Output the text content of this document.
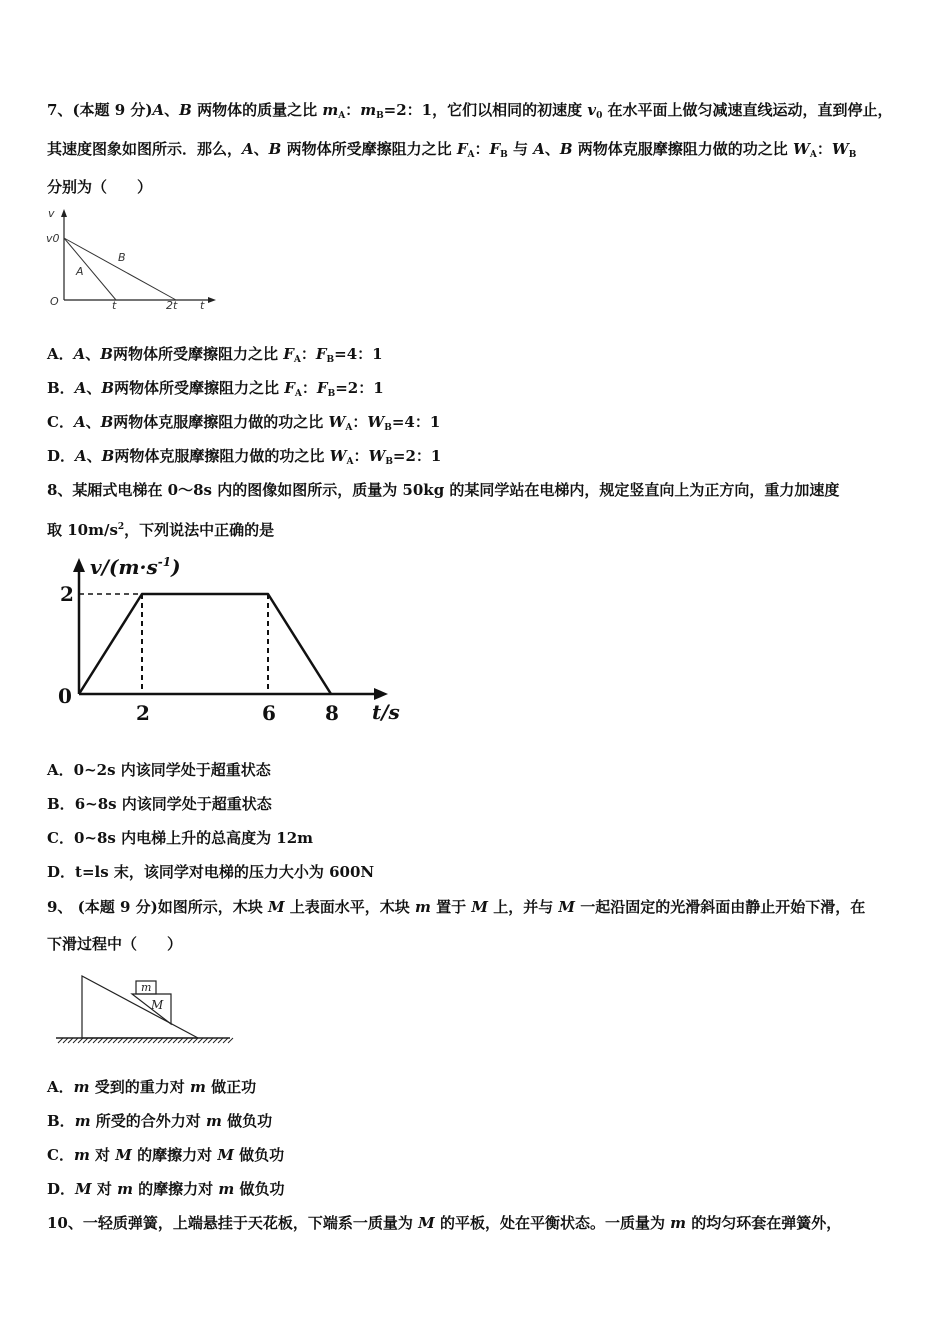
7、(本题 9 分)A、B 两物体的质量之比 $m_A$：$m_B=2$：1，它们以相同的初速度 $v_0$ 在水平面上做匀减速直线运动，直到停止，
其速度图象如图所示．那么，A、B 两物体所受摩擦阻力之比 $F_A$：$F_B$ 与 A、B 两物体克服摩擦阻力做的功之比 $W_A$：$W_B$
分别为（　　）
v
v0
O
A
B
t	2t t
A．A、B两物体所受摩擦阻力之比 $F_A$：$F_B=4$：1
B．A、B两物体所受摩擦阻力之比 $F_A$：$F_B=2$：1
C．A、B两物体克服摩擦阻力做的功之比 $W_A$：$W_B=4$：1
D．A、B两物体克服摩擦阻力做的功之比 $W_A$：$W_B=2$：1
8、某厢式电梯在 0～8s 内的图像如图所示，质量为 50kg 的某同学站在电梯内，规定竖直向上为正方向，重力加速度
取 $10m/s^2$，下列说法中正确的是
$v/(m\cdot s^{-1})$
2
0
2	6 8 t/s
A．0~2s 内该同学处于超重状态
B．6~8s 内该同学处于超重状态
C．0~8s 内电梯上升的总高度为 12m
D．t=ls 末，该同学对电梯的压力大小为 600N
9、 (本题 9 分)如图所示，木块 M 上表面水平，木块 m 置于 M 上，并与 M 一起沿固定的光滑斜面由静止开始下滑，在
下滑过程中（　　）
m
M
A．m 受到的重力对 m 做正功
B．m 所受的合外力对 m 做负功
C．m 对 M 的摩擦力对 M 做负功
D．M 对 m 的摩擦力对 m 做负功
10、一轻质弹簧，上端悬挂于天花板，下端系一质量为 M 的平板，处在平衡状态。一质量为 m 的均匀环套在弹簧外，
